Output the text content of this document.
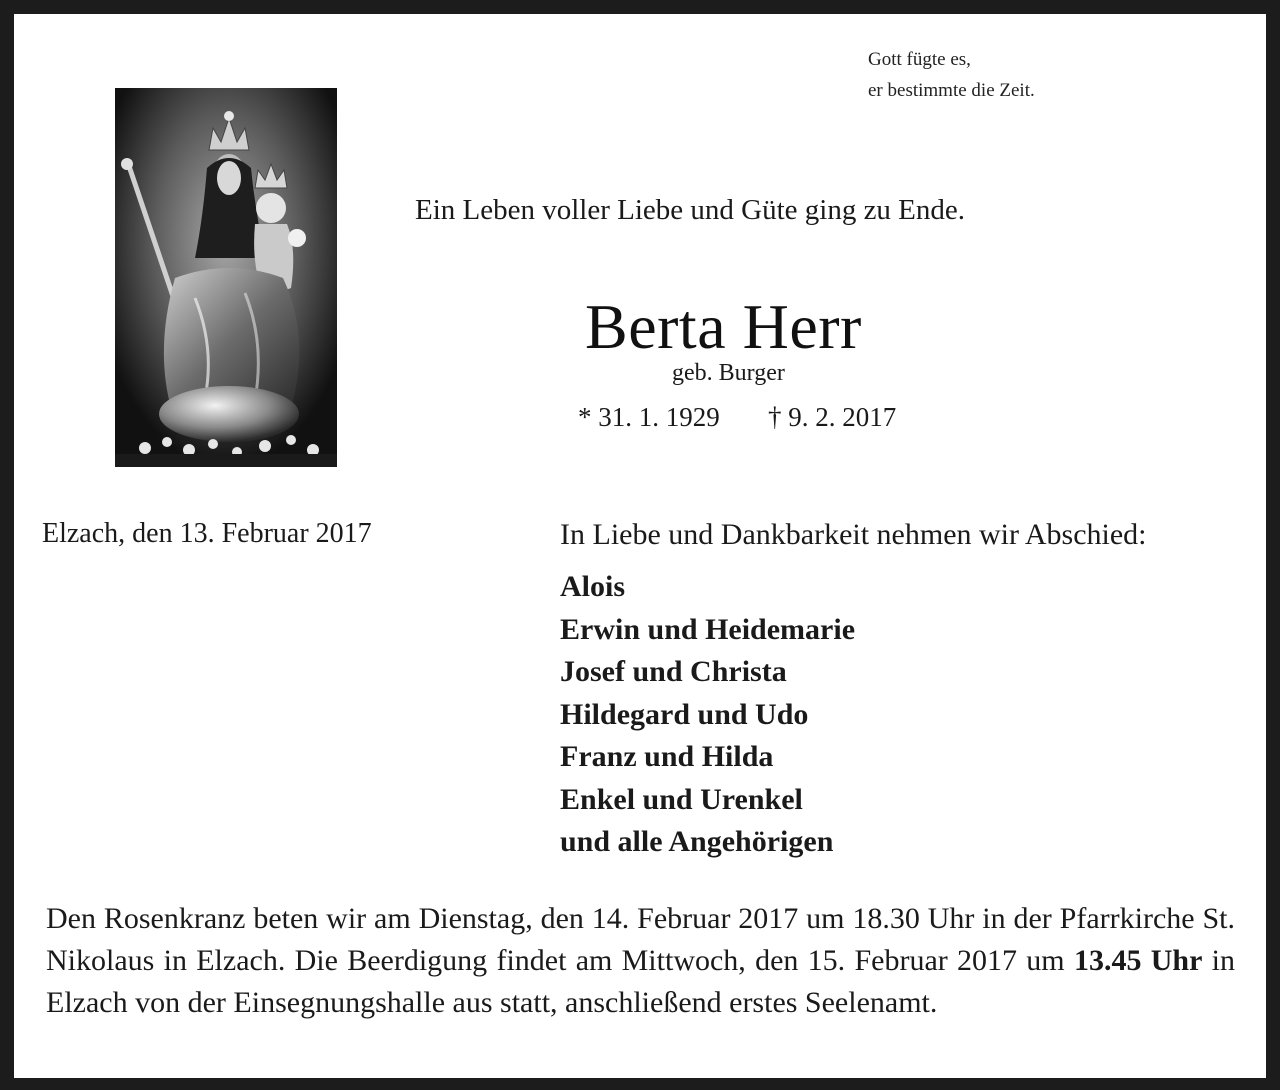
Gott fügte es,
er bestimmte die Zeit.
Ein Leben voller Liebe und Güte ging zu Ende.
Berta Herr
geb. Burger
* 31. 1. 1929 † 9. 2. 2017
Elzach, den 13. Februar 2017	In Liebe und Dankbarkeit nehmen wir Abschied:
Alois
Erwin und Heidemarie
Josef und Christa
Hildegard und Udo
Franz und Hilda
Enkel und Urenkel
und alle Angehörigen
Den Rosenkranz beten wir am Dienstag, den 14. Februar 2017 um 18.30 Uhr in der Pfarrkirche St. Nikolaus in Elzach. Die Beerdigung findet am Mittwoch, den 15. Februar 2017 um 13.45 Uhr in Elzach von der Einsegnungshalle aus statt, anschließend erstes Seelenamt.
